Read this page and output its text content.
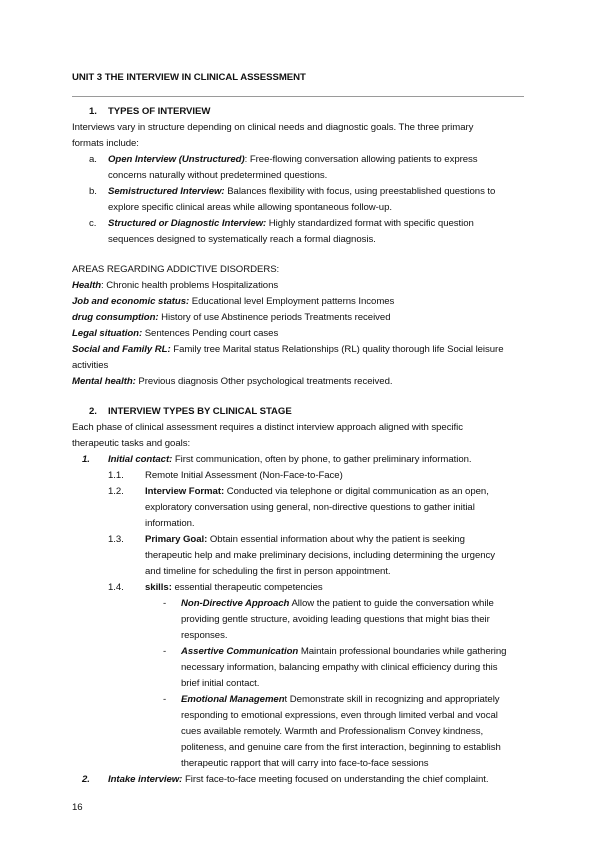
UNIT 3 THE INTERVIEW IN CLINICAL ASSESSMENT
1. TYPES OF INTERVIEW
Interviews vary in structure depending on clinical needs and diagnostic goals. The three primary
formats include:
a. Open Interview (Unstructured): Free-flowing conversation allowing patients to express
concerns naturally without predetermined questions.
b. Semistructured Interview: Balances flexibility with focus, using preestablished questions to
explore specific clinical areas while allowing spontaneous follow-up.
c. Structured or Diagnostic Interview: Highly standardized format with specific question
sequences designed to systematically reach a formal diagnosis.
AREAS REGARDING ADDICTIVE DISORDERS:
Health: Chronic health problems Hospitalizations
Job and economic status: Educational level Employment patterns Incomes
drug consumption: History of use Abstinence periods Treatments received
Legal situation: Sentences Pending court cases
Social and Family RL: Family tree Marital status Relationships (RL) quality thorough life Social leisure
activities
Mental health: Previous diagnosis Other psychological treatments received.
2. INTERVIEW TYPES BY CLINICAL STAGE
Each phase of clinical assessment requires a distinct interview approach aligned with specific
therapeutic tasks and goals:
1. Initial contact: First communication, often by phone, to gather preliminary information.
1.1. Remote Initial Assessment (Non-Face-to-Face)
1.2. Interview Format: Conducted via telephone or digital communication as an open,
exploratory conversation using general, non-directive questions to gather initial
information.
1.3. Primary Goal: Obtain essential information about why the patient is seeking
therapeutic help and make preliminary decisions, including determining the urgency
and timeline for scheduling the first in person appointment.
1.4. skills: essential therapeutic competencies
- Non-Directive Approach Allow the patient to guide the conversation while
providing gentle structure, avoiding leading questions that might bias their
responses.
- Assertive Communication Maintain professional boundaries while gathering
necessary information, balancing empathy with clinical efficiency during this
brief initial contact.
- Emotional Management Demonstrate skill in recognizing and appropriately
responding to emotional expressions, even through limited verbal and vocal
cues available remotely. Warmth and Professionalism Convey kindness,
politeness, and genuine care from the first interaction, beginning to establish
therapeutic rapport that will carry into face-to-face sessions
2. Intake interview: First face-to-face meeting focused on understanding the chief complaint.
16
